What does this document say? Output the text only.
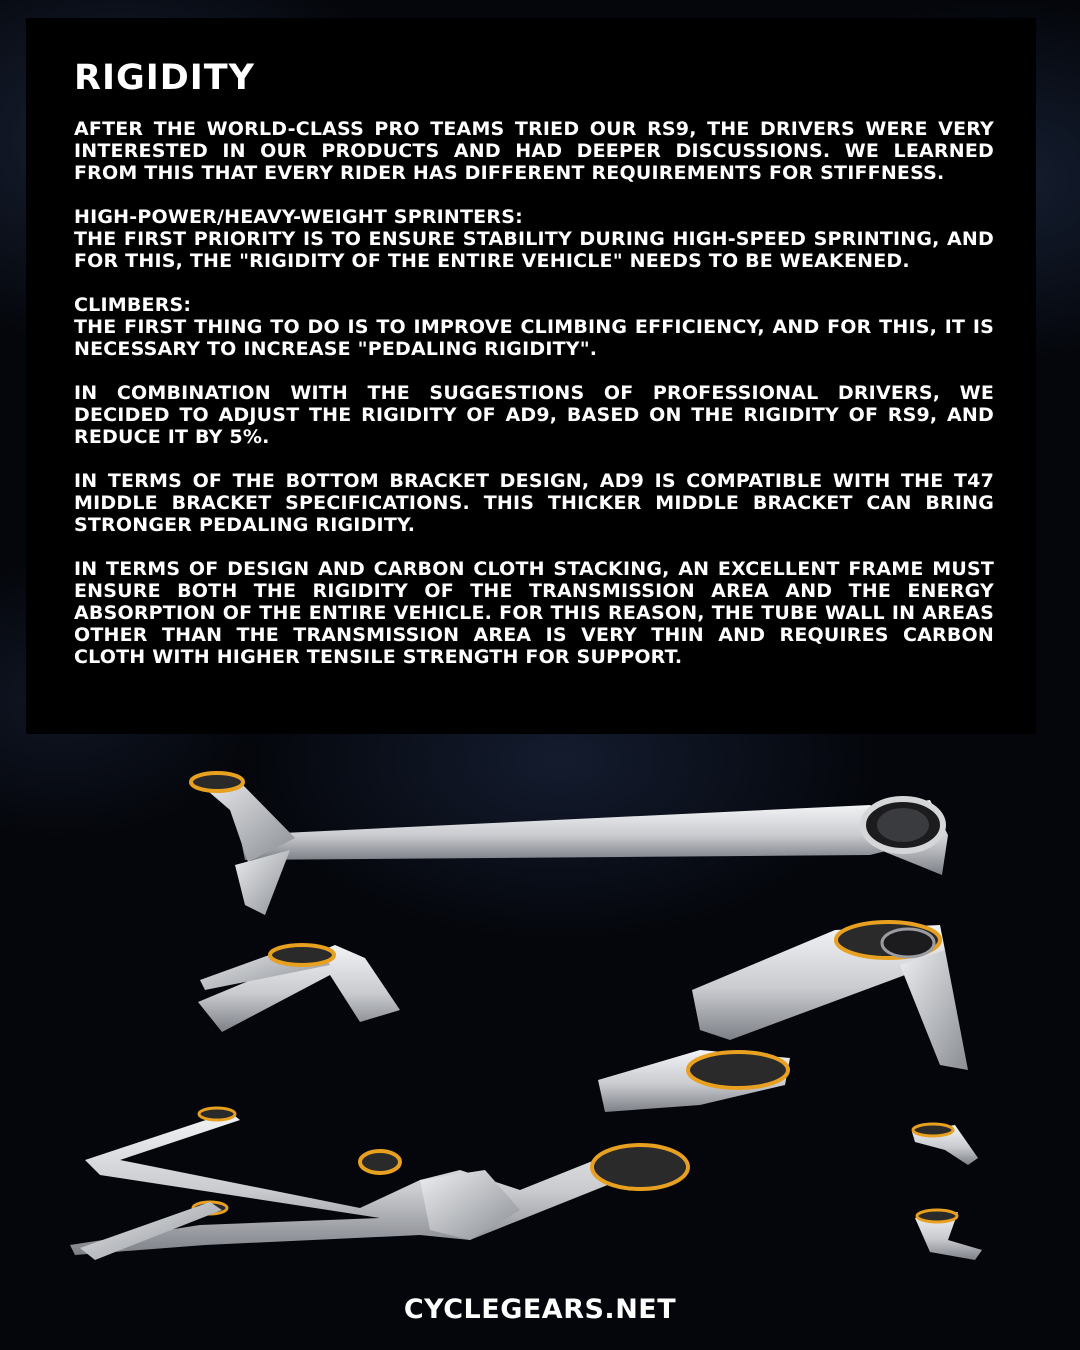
RIGIDITY

AFTER THE WORLD-CLASS PRO TEAMS TRIED OUR RS9, THE DRIVERS WERE VERY INTERESTED IN OUR PRODUCTS AND HAD DEEPER DISCUSSIONS. WE LEARNED FROM THIS THAT EVERY RIDER HAS DIFFERENT REQUIREMENTS FOR STIFFNESS.

HIGH-POWER/HEAVY-WEIGHT SPRINTERS:
THE FIRST PRIORITY IS TO ENSURE STABILITY DURING HIGH-SPEED SPRINTING, AND FOR THIS, THE "RIGIDITY OF THE ENTIRE VEHICLE" NEEDS TO BE WEAKENED.

CLIMBERS:
THE FIRST THING TO DO IS TO IMPROVE CLIMBING EFFICIENCY, AND FOR THIS, IT IS NECESSARY TO INCREASE "PEDALING RIGIDITY".

IN COMBINATION WITH THE SUGGESTIONS OF PROFESSIONAL DRIVERS, WE DECIDED TO ADJUST THE RIGIDITY OF AD9, BASED ON THE RIGIDITY OF RS9, AND REDUCE IT BY 5%.

IN TERMS OF THE BOTTOM BRACKET DESIGN, AD9 IS COMPATIBLE WITH THE T47 MIDDLE BRACKET SPECIFICATIONS. THIS THICKER MIDDLE BRACKET CAN BRING STRONGER PEDALING RIGIDITY.

IN TERMS OF DESIGN AND CARBON CLOTH STACKING, AN EXCELLENT FRAME MUST ENSURE BOTH THE RIGIDITY OF THE TRANSMISSION AREA AND THE ENERGY ABSORPTION OF THE ENTIRE VEHICLE. FOR THIS REASON, THE TUBE WALL IN AREAS OTHER THAN THE TRANSMISSION AREA IS VERY THIN AND REQUIRES CARBON CLOTH WITH HIGHER TENSILE STRENGTH FOR SUPPORT.

CYCLEGEARS.NET
